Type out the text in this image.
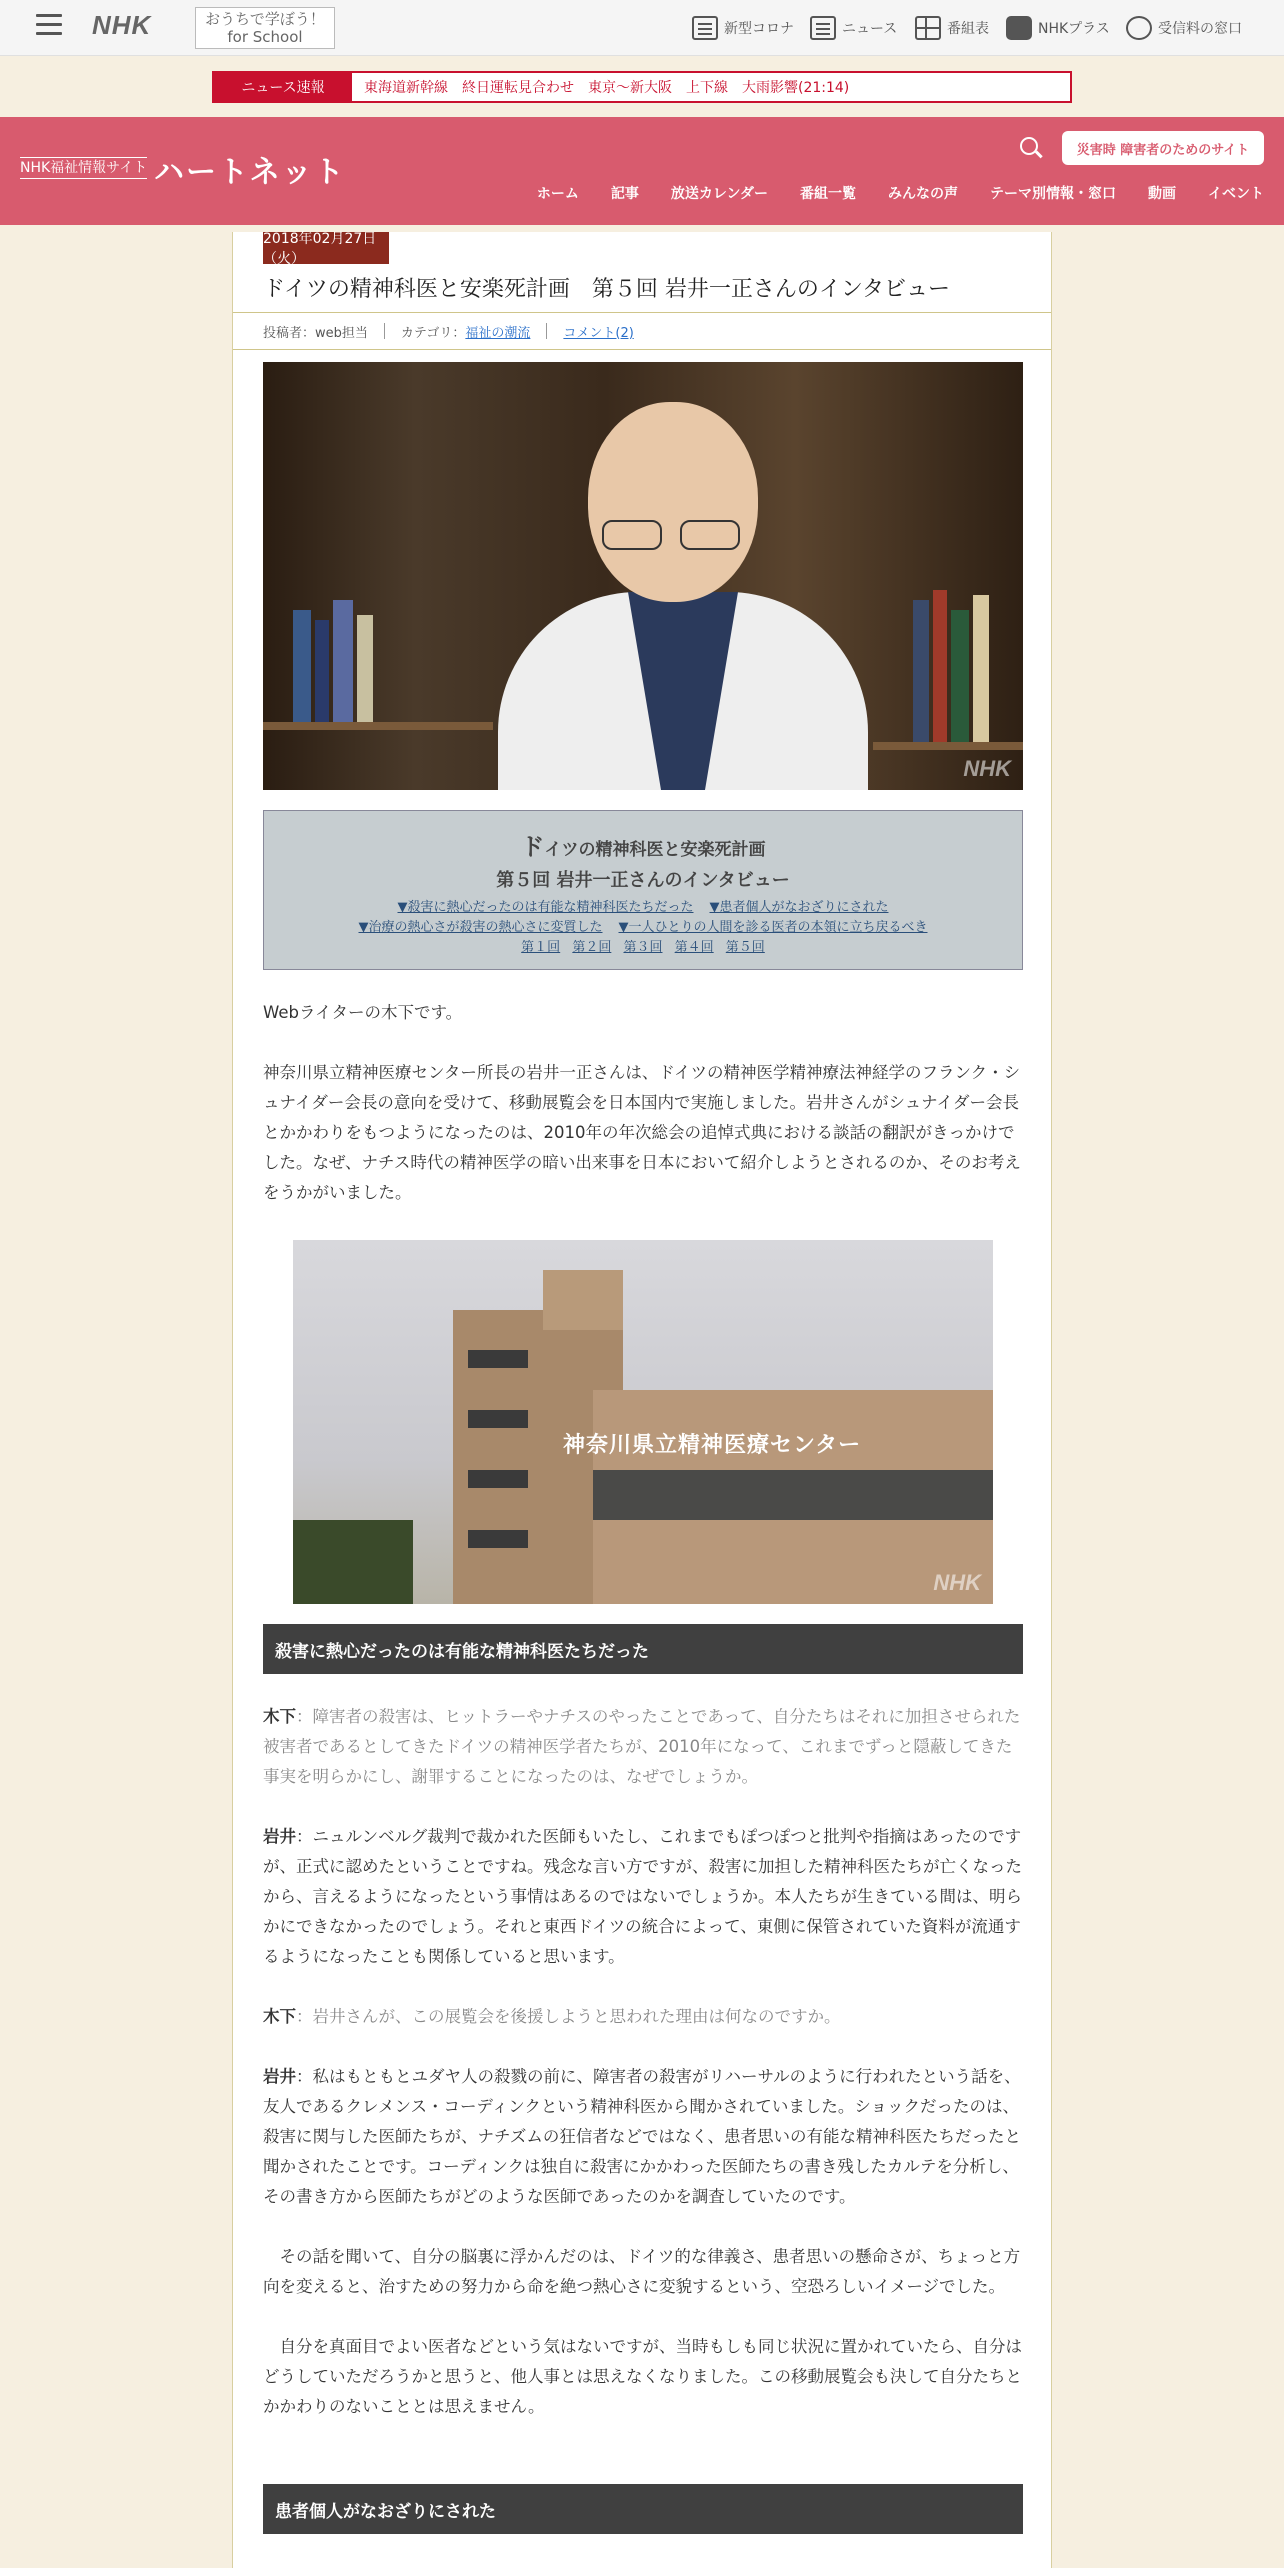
NHK	おうちで学ぼう！
for School	新型コロナ	ニュース	番組表	NHKプラス	受信料の窓口
ニュース速報	東海道新幹線　終日運転見合わせ　東京～新大阪　上下線　大雨影響(21:14)
NHK福祉情報サイト ハートネット
災害時 障害者のためのサイト
ホーム 記事 放送カレンダー 番組一覧 みんなの声 テーマ別情報・窓口 動画 イベント
2018年02月27日（火）
ドイツの精神科医と安楽死計画　第５回 岩井一正さんのインタビュー
投稿者：web担当	カテゴリ： 福祉の潮流	コメント(2)
NHK
ドイツの精神科医と安楽死計画
第５回 岩井一正さんのインタビュー
▼殺害に熱心だったのは有能な精神科医たちだった ▼患者個人がなおざりにされた
▼治療の熱心さが殺害の熱心さに変質した ▼一人ひとりの人間を診る医者の本領に立ち戻るべき
第１回 第２回 第３回 第４回 第５回

Webライターの木下です。

神奈川県立精神医療センター所長の岩井一正さんは、ドイツの精神医学精神療法神経学のフランク・シュナイダー会長の意向を受けて、移動展覧会を日本国内で実施しました。岩井さんがシュナイダー会長とかかわりをもつようになったのは、2010年の年次総会の追悼式典における談話の翻訳がきっかけでした。なぜ、ナチス時代の精神医学の暗い出来事を日本において紹介しようとされるのか、そのお考えをうかがいました。

神奈川県立精神医療センター
NHK
殺害に熱心だったのは有能な精神科医たちだった

木下：障害者の殺害は、ヒットラーやナチスのやったことであって、自分たちはそれに加担させられた被害者であるとしてきたドイツの精神医学者たちが、2010年になって、これまでずっと隠蔽してきた事実を明らかにし、謝罪することになったのは、なぜでしょうか。

岩井：ニュルンベルグ裁判で裁かれた医師もいたし、これまでもぽつぽつと批判や指摘はあったのですが、正式に認めたということですね。残念な言い方ですが、殺害に加担した精神科医たちが亡くなったから、言えるようになったという事情はあるのではないでしょうか。本人たちが生きている間は、明らかにできなかったのでしょう。それと東西ドイツの統合によって、東側に保管されていた資料が流通するようになったことも関係していると思います。

木下：岩井さんが、この展覧会を後援しようと思われた理由は何なのですか。

岩井：私はもともとユダヤ人の殺戮の前に、障害者の殺害がリハーサルのように行われたという話を、友人であるクレメンス・コーディンクという精神科医から聞かされていました。ショックだったのは、殺害に関与した医師たちが、ナチズムの狂信者などではなく、患者思いの有能な精神科医たちだったと聞かされたことです。コーディンクは独自に殺害にかかわった医師たちの書き残したカルテを分析し、その書き方から医師たちがどのような医師であったのかを調査していたのです。

　その話を聞いて、自分の脳裏に浮かんだのは、ドイツ的な律義さ、患者思いの懸命さが、ちょっと方向を変えると、治すための努力から命を絶つ熱心さに変貌するという、空恐ろしいイメージでした。

　自分を真面目でよい医者などという気はないですが、当時もしも同じ状況に置かれていたら、自分はどうしていただろうかと思うと、他人事とは思えなくなりました。この移動展覧会も決して自分たちとかかわりのないこととは思えません。

患者個人がなおざりにされた
